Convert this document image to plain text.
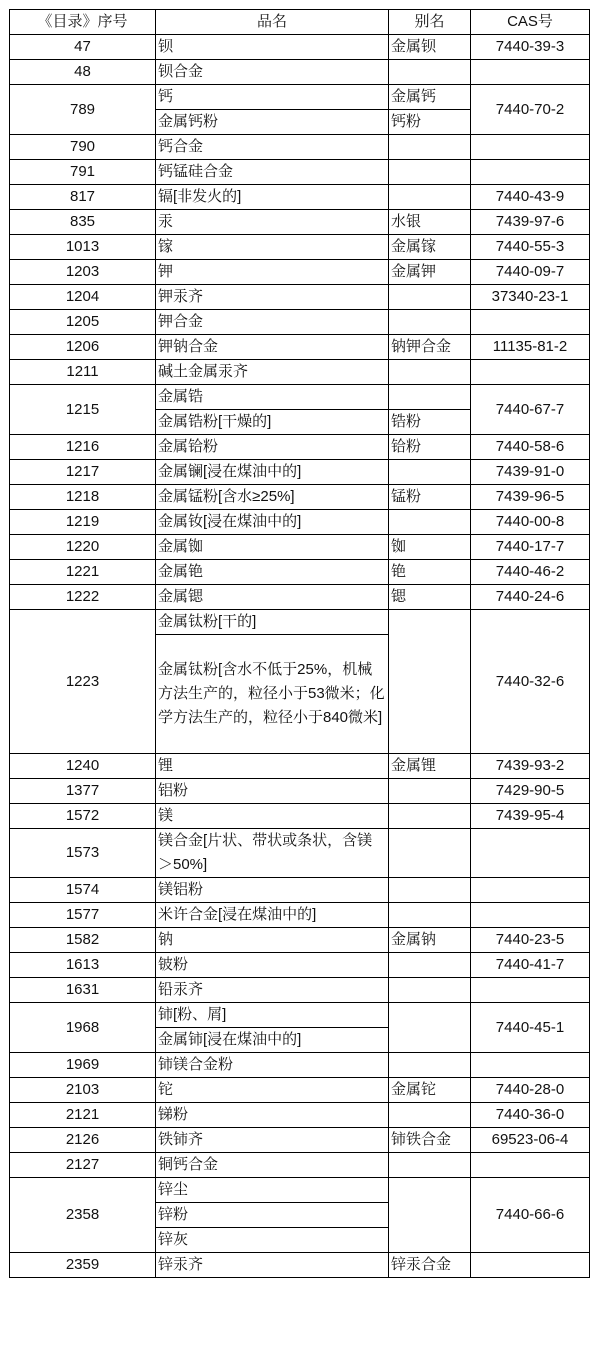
《目录》序号	品名	别名	CAS号
47	钡	金属钡	7440-39-3
48	钡合金		
789	钙	金属钙	7440-70-2
	金属钙粉	钙粉	
790	钙合金		
791	钙锰硅合金		
817	镉[非发火的]		7440-43-9
835	汞	水银	7439-97-6
1013	镓	金属镓	7440-55-3
1203	钾	金属钾	7440-09-7
1204	钾汞齐		37340-23-1
1205	钾合金		
1206	钾钠合金	钠钾合金	11135-81-2
1211	碱土金属汞齐		
1215	金属锆		7440-67-7
	金属锆粉[干燥的]	锆粉	
1216	金属铪粉	铪粉	7440-58-6
1217	金属镧[浸在煤油中的]		7439-91-0
1218	金属锰粉[含水≥25%]	锰粉	7439-96-5
1219	金属钕[浸在煤油中的]		7440-00-8
1220	金属铷	铷	7440-17-7
1221	金属铯	铯	7440-46-2
1222	金属锶	锶	7440-24-6
1223	金属钛粉[干的]		7440-32-6
	金属钛粉[含水不低于25%，机械方法生产的，粒径小于53微米；化学方法生产的，粒径小于840微米]		
1240	锂	金属锂	7439-93-2
1377	铝粉		7429-90-5
1572	镁		7439-95-4
1573	镁合金[片状、带状或条状，含镁＞50%]		
1574	镁铝粉		
1577	米许合金[浸在煤油中的]		
1582	钠	金属钠	7440-23-5
1613	铍粉		7440-41-7
1631	铅汞齐		
1968	铈[粉、屑]		7440-45-1
	金属铈[浸在煤油中的]		
1969	铈镁合金粉		
2103	铊	金属铊	7440-28-0
2121	锑粉		7440-36-0
2126	铁铈齐	铈铁合金	69523-06-4
2127	铜钙合金		
2358	锌尘		7440-66-6
	锌粉		
	锌灰		
2359	锌汞齐	锌汞合金	
